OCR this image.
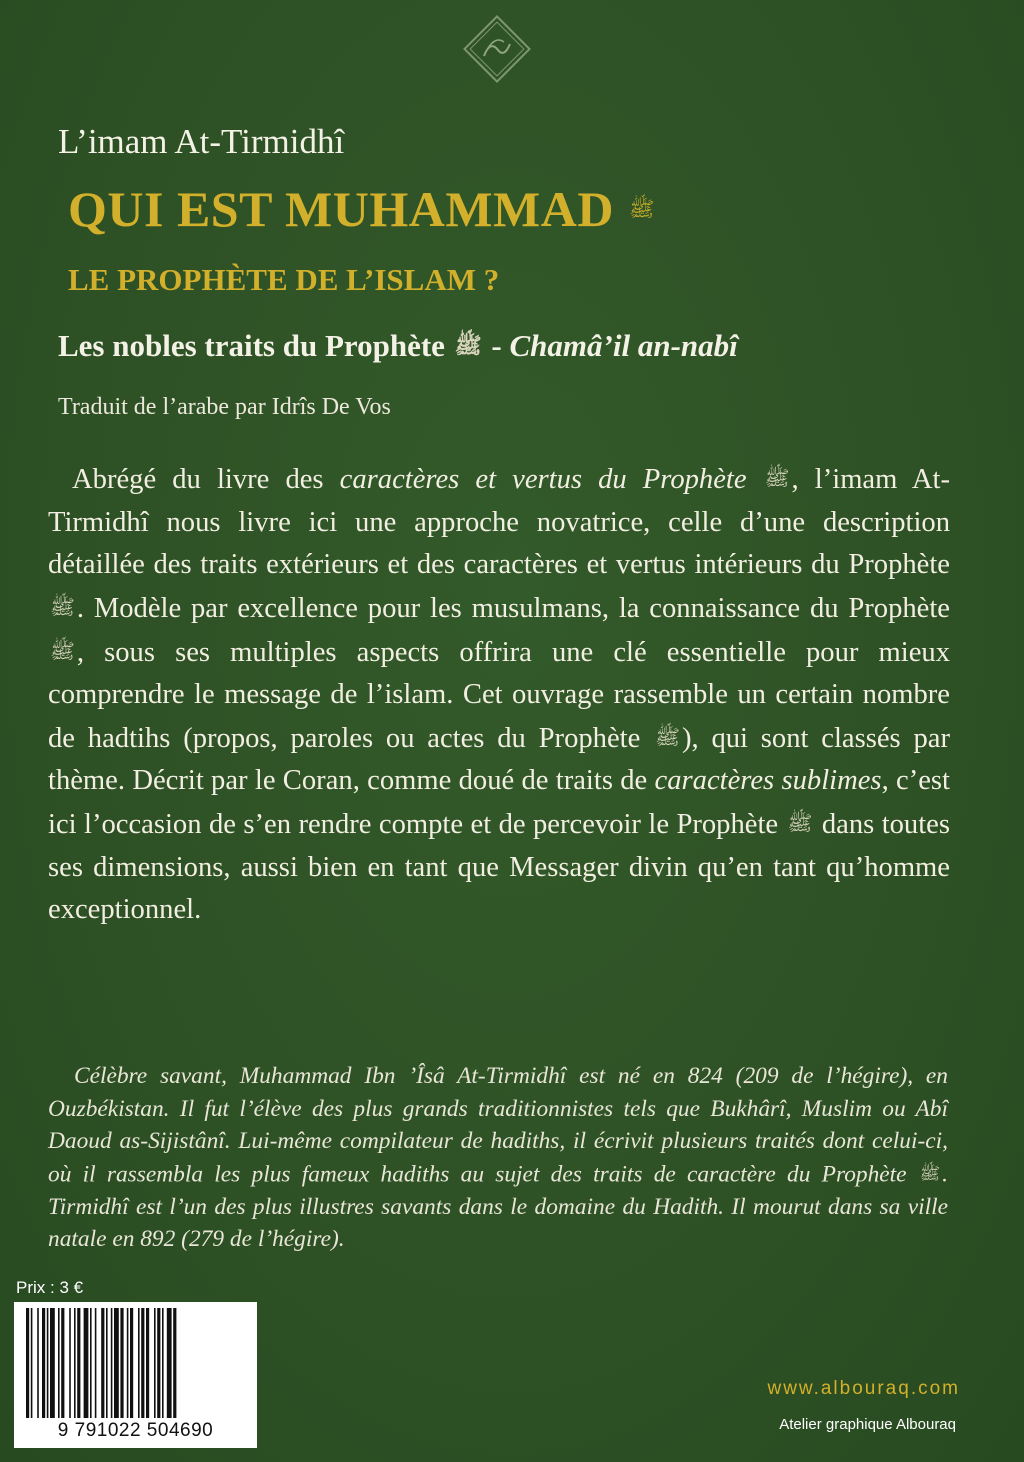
L’imam At-Tirmidhî
QUI EST MUHAMMAD $^ﷺ$
LE PROPHÈTE DE L’ISLAM ?
Les nobles traits du Prophète ﷺ - Chamâ’il an-nabî
Traduit de l’arabe par Idrîs De Vos
Abrégé du livre des caractères et vertus du Prophète ﷺ, l’imam At-Tirmidhî nous livre ici une approche novatrice, celle d’une description détaillée des traits extérieurs et des caractères et vertus intérieurs du Prophète ﷺ. Modèle par excellence pour les musulmans, la connaissance du Prophète ﷺ, sous ses multiples aspects offrira une clé essentielle pour mieux comprendre le message de l’islam. Cet ouvrage rassemble un certain nombre de hadtihs (propos, paroles ou actes du Prophète ﷺ), qui sont classés par thème. Décrit par le Coran, comme doué de traits de caractères sublimes, c’est ici l’occasion de s’en rendre compte et de percevoir le Prophète ﷺ dans toutes ses dimensions, aussi bien en tant que Messager divin qu’en tant qu’homme exceptionnel.
Célèbre savant, Muhammad Ibn ’Îsâ At-Tirmidhî est né en 824 (209 de l’hégire), en Ouzbékistan. Il fut l’élève des plus grands traditionnistes tels que Bukhârî, Muslim ou Abî Daoud as-Sijistânî. Lui-même compilateur de hadiths, il écrivit plusieurs traités dont celui-ci, où il rassembla les plus fameux hadiths au sujet des traits de caractère du Prophète ﷺ. Tirmidhî est l’un des plus illustres savants dans le domaine du Hadith. Il mourut dans sa ville natale en 892 (279 de l’hégire).
Prix : 3 €
9 791022 504690
www.albouraq.com
Atelier graphique Albouraq
